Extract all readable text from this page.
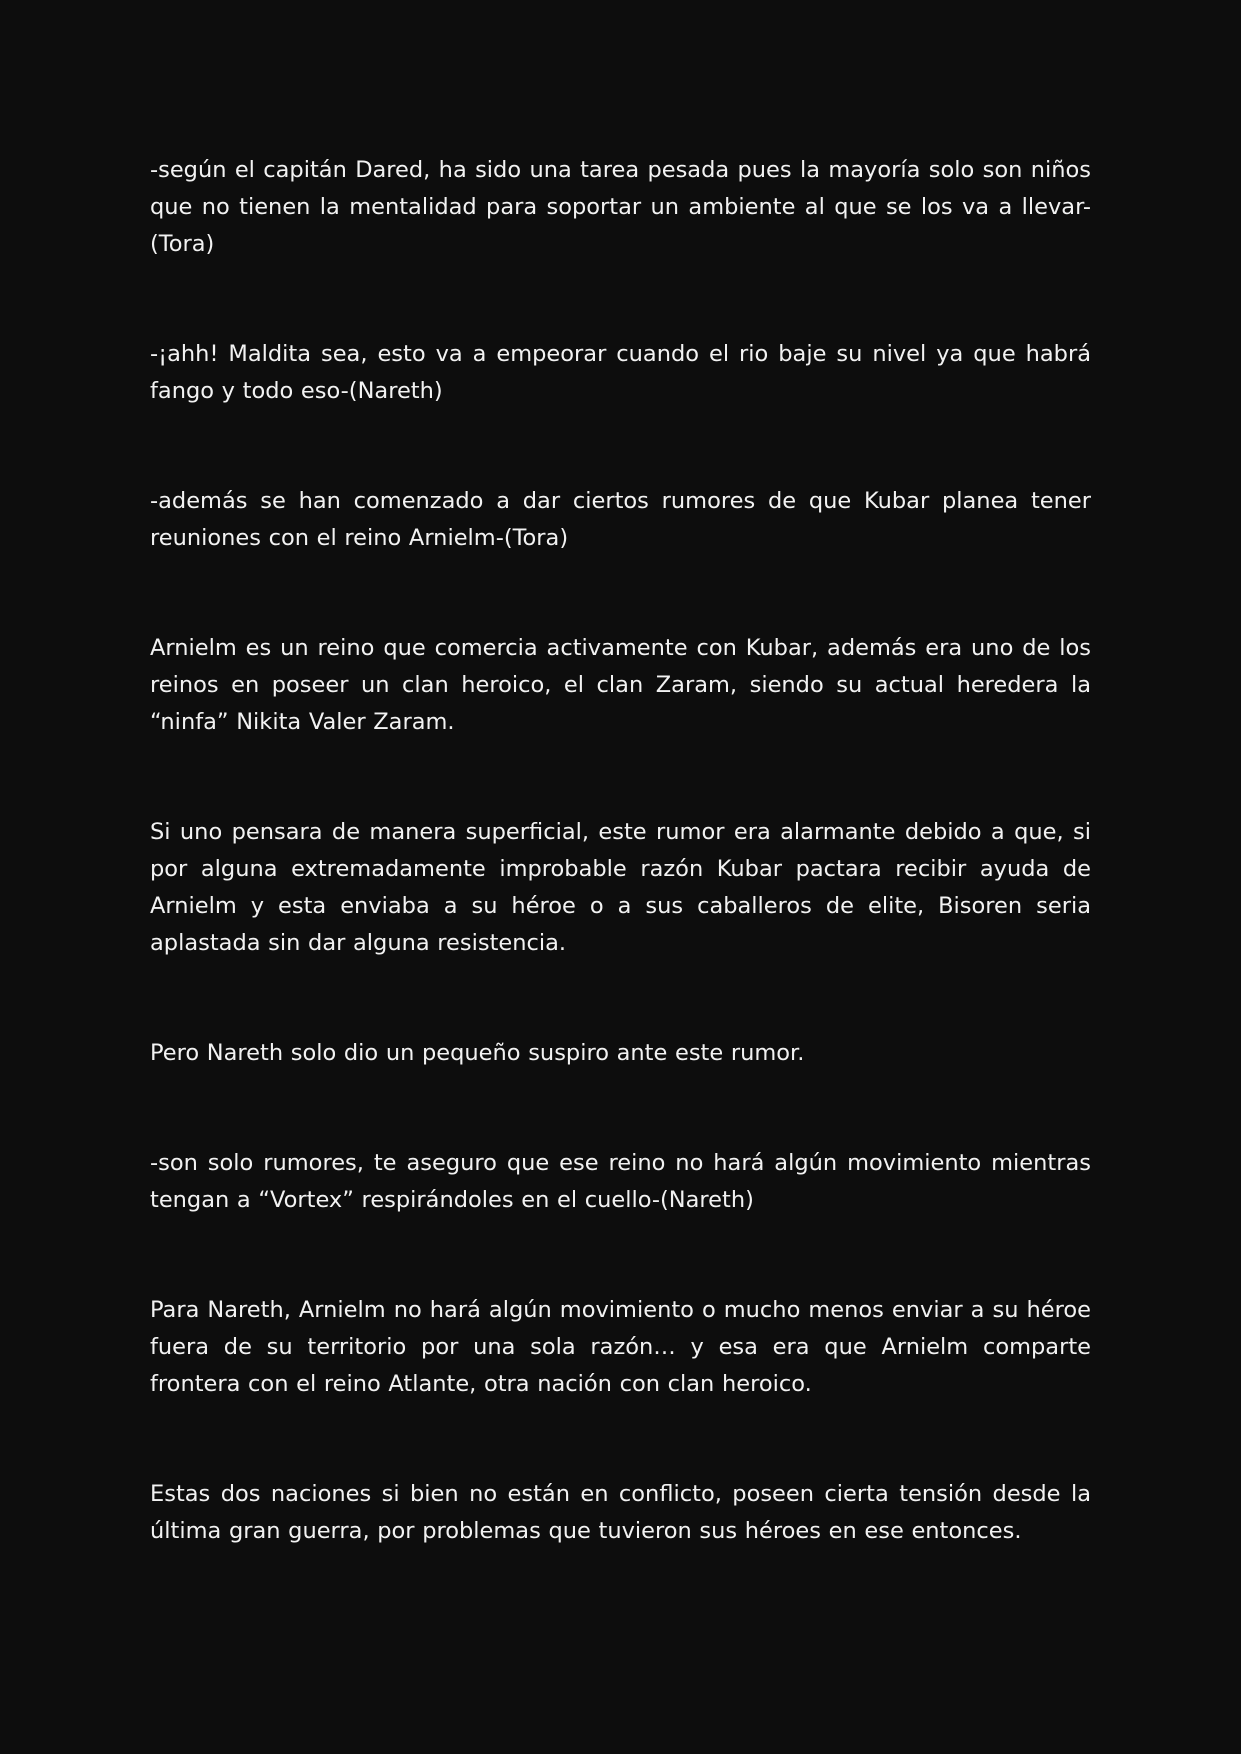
-según el capitán Dared, ha sido una tarea pesada pues la mayoría solo son niños que no tienen la mentalidad para soportar un ambiente al que se los va a llevar-(Tora)

-¡ahh! Maldita sea, esto va a empeorar cuando el rio baje su nivel ya que habrá fango y todo eso-(Nareth)

-además se han comenzado a dar ciertos rumores de que Kubar planea tener reuniones con el reino Arnielm-(Tora)

Arnielm es un reino que comercia activamente con Kubar, además era uno de los reinos en poseer un clan heroico, el clan Zaram, siendo su actual heredera la “ninfa” Nikita Valer Zaram.

Si uno pensara de manera superficial, este rumor era alarmante debido a que, si por alguna extremadamente improbable razón Kubar pactara recibir ayuda de Arnielm y esta enviaba a su héroe o a sus caballeros de elite, Bisoren seria aplastada sin dar alguna resistencia.

Pero Nareth solo dio un pequeño suspiro ante este rumor.

-son solo rumores, te aseguro que ese reino no hará algún movimiento mientras tengan a “Vortex” respirándoles en el cuello-(Nareth)

Para Nareth, Arnielm no hará algún movimiento o mucho menos enviar a su héroe fuera de su territorio por una sola razón… y esa era que Arnielm comparte frontera con el reino Atlante, otra nación con clan heroico.

Estas dos naciones si bien no están en conflicto, poseen cierta tensión desde la última gran guerra, por problemas que tuvieron sus héroes en ese entonces.
